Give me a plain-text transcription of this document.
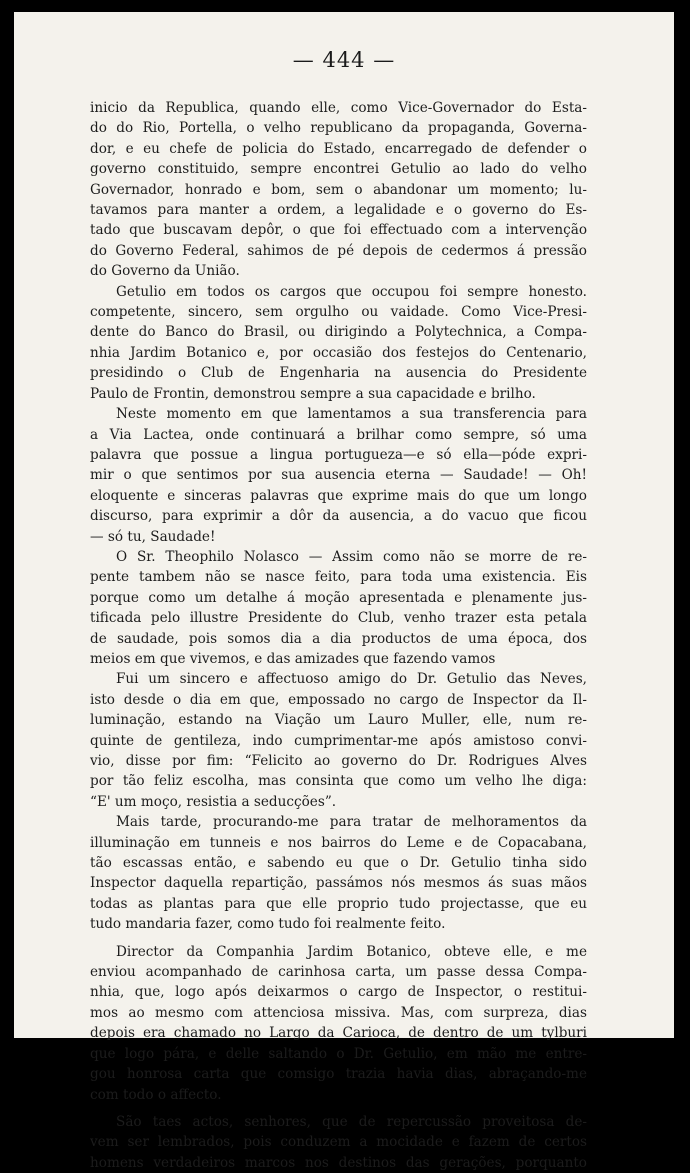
— 444 —
inicio da Republica, quando elle, como Vice-Governador do Esta-
do do Rio, Portella, o velho republicano da propaganda, Governa-
dor, e eu chefe de policia do Estado, encarregado de defender o
governo constituido, sempre encontrei Getulio ao lado do velho
Governador, honrado e bom, sem o abandonar um momento; lu-
tavamos para manter a ordem, a legalidade e o governo do Es-
tado que buscavam depôr, o que foi effectuado com a intervenção
do Governo Federal, sahimos de pé depois de cedermos á pressão
do Governo da União.
Getulio em todos os cargos que occupou foi sempre honesto.
competente, sincero, sem orgulho ou vaidade. Como Vice-Presi-
dente do Banco do Brasil, ou dirigindo a Polytechnica, a Compa-
nhia Jardim Botanico e, por occasião dos festejos do Centenario,
presidindo o Club de Engenharia na ausencia do Presidente
Paulo de Frontin, demonstrou sempre a sua capacidade e brilho.
Neste momento em que lamentamos a sua transferencia para
a Via Lactea, onde continuará a brilhar como sempre, só uma
palavra que possue a lingua portugueza—e só ella—póde expri-
mir o que sentimos por sua ausencia eterna — Saudade! — Oh!
eloquente e sinceras palavras que exprime mais do que um longo
discurso, para exprimir a dôr da ausencia, a do vacuo que ficou
— só tu, Saudade!
O Sr. Theophilo Nolasco — Assim como não se morre de re-
pente tambem não se nasce feito, para toda uma existencia. Eis
porque como um detalhe á moção apresentada e plenamente jus-
tificada pelo illustre Presidente do Club, venho trazer esta petala
de saudade, pois somos dia a dia productos de uma época, dos
meios em que vivemos, e das amizades que fazendo vamos
Fui um sincero e affectuoso amigo do Dr. Getulio das Neves,
isto desde o dia em que, empossado no cargo de Inspector da Il-
luminação, estando na Viação um Lauro Muller, elle, num re-
quinte de gentileza, indo cumprimentar-me após amistoso convi-
vio, disse por fim: “Felicito ao governo do Dr. Rodrigues Alves
por tão feliz escolha, mas consinta que como um velho lhe diga:
“E' um moço, resistia a seducções”.
Mais tarde, procurando-me para tratar de melhoramentos da
illuminação em tunneis e nos bairros do Leme e de Copacabana,
tão escassas então, e sabendo eu que o Dr. Getulio tinha sido
Inspector daquella repartição, passámos nós mesmos ás suas mãos
todas as plantas para que elle proprio tudo projectasse, que eu
tudo mandaria fazer, como tudo foi realmente feito.
Director da Companhia Jardim Botanico, obteve elle, e me
enviou acompanhado de carinhosa carta, um passe dessa Compa-
nhia, que, logo após deixarmos o cargo de Inspector, o restitui-
mos ao mesmo com attenciosa missiva. Mas, com surpreza, dias
depois era chamado no Largo da Carioca, de dentro de um tylburi
que logo pára, e delle saltando o Dr. Getulio, em mão me entre-
gou honrosa carta que comsigo trazia havia dias, abraçando-me
com todo o affecto.
São taes actos, senhores, que de repercussão proveitosa de-
vem ser lembrados, pois conduzem a mocidade e fazem de certos
homens verdadeiros marcos nos destinos das gerações, porquanto
